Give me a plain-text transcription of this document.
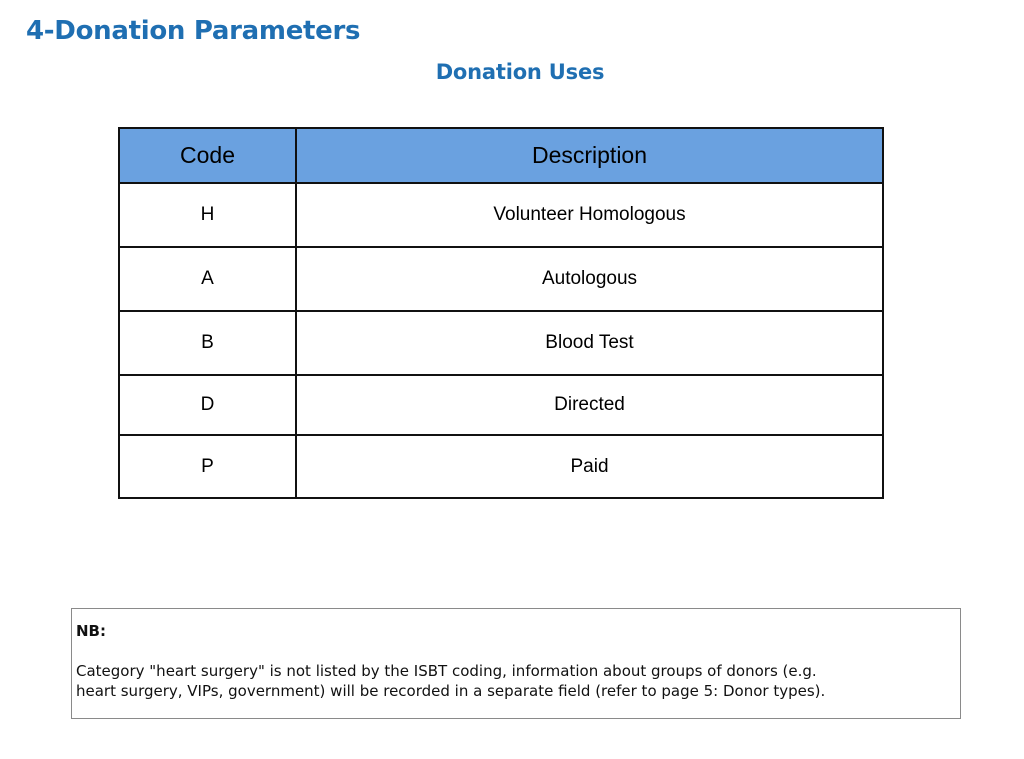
4-Donation Parameters
Donation Uses
Code	Description
H	Volunteer Homologous
A	Autologous
B	Blood Test
D	Directed
P	Paid
NB:
Category "heart surgery" is not listed by the ISBT coding, information about groups of donors (e.g.
heart surgery, VIPs, government) will be recorded in a separate field (refer to page 5: Donor types).
